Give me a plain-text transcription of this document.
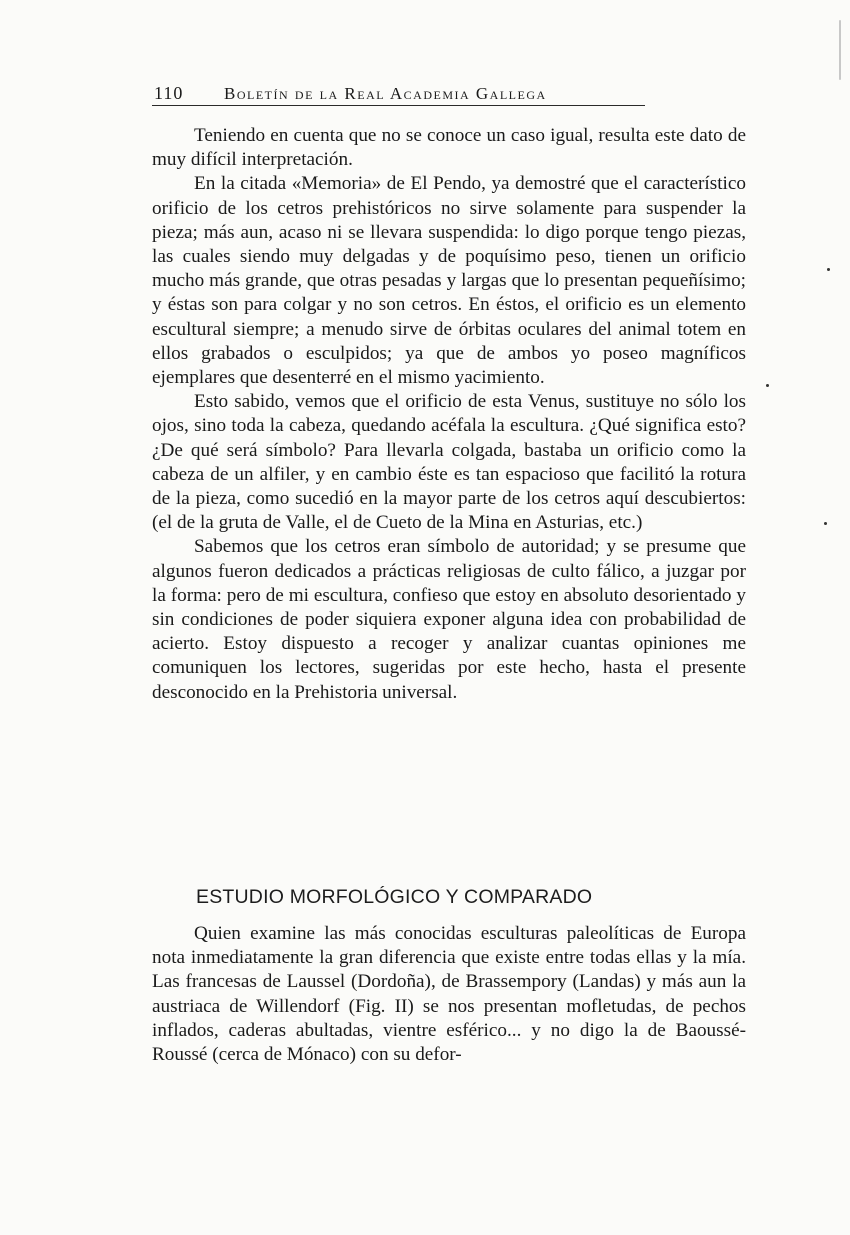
110	Boletín de la Real Academia Gallega

Teniendo en cuenta que no se conoce un caso igual, resulta este dato de muy difícil interpretación.

En la citada «Memoria» de El Pendo, ya demostré que el característico orificio de los cetros prehistóricos no sirve solamente para suspender la pieza; más aun, acaso ni se llevara suspendida: lo digo porque tengo piezas, las cuales siendo muy delgadas y de poquísimo peso, tienen un orificio mucho más grande, que otras pesadas y largas que lo presentan pequeñísimo; y éstas son para colgar y no son cetros. En éstos, el orificio es un elemento escultural siempre; a menudo sirve de órbitas oculares del animal totem en ellos grabados o esculpidos; ya que de ambos yo poseo magníficos ejemplares que desenterré en el mismo yacimiento.

Esto sabido, vemos que el orificio de esta Venus, sustituye no sólo los ojos, sino toda la cabeza, quedando acéfala la escultura. ¿Qué significa esto? ¿De qué será símbolo? Para llevarla colgada, bastaba un orificio como la cabeza de un alfiler, y en cambio éste es tan espacioso que facilitó la rotura de la pieza, como sucedió en la mayor parte de los cetros aquí descubiertos: (el de la gruta de Valle, el de Cueto de la Mina en Asturias, etc.)

Sabemos que los cetros eran símbolo de autoridad; y se presume que algunos fueron dedicados a prácticas religiosas de culto fálico, a juzgar por la forma: pero de mi escultura, confieso que estoy en absoluto desorientado y sin condiciones de poder siquiera exponer alguna idea con probabilidad de acierto. Estoy dispuesto a recoger y analizar cuantas opiniones me comuniquen los lectores, sugeridas por este hecho, hasta el presente desconocido en la Prehistoria universal.

ESTUDIO MORFOLÓGICO Y COMPARADO

Quien examine las más conocidas esculturas paleolíticas de Europa nota inmediatamente la gran diferencia que existe entre todas ellas y la mía. Las francesas de Laussel (Dordoña), de Brassempory (Landas) y más aun la austriaca de Willendorf (Fig. II) se nos presentan mofletudas, de pechos inflados, caderas abultadas, vientre esférico... y no digo la de Baoussé-Roussé (cerca de Mónaco) con su defor-
